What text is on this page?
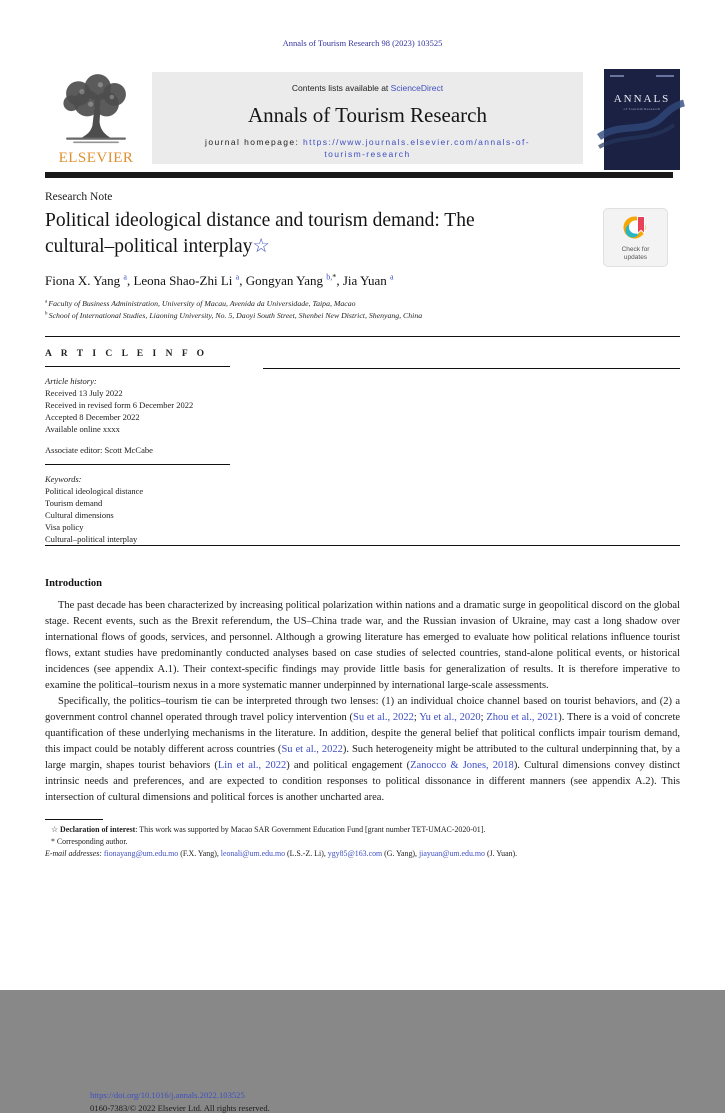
Annals of Tourism Research 98 (2023) 103525
ELSEVIER
Contents lists available at ScienceDirect
Annals of Tourism Research
journal homepage: https://www.journals.elsevier.com/annals-of-
tourism-research
ANNALS
of Tourism Research
Research Note
Political ideological distance and tourism demand: The
cultural–political interplay☆	Check for
updates
Fiona X. Yang $^a$, Leona Shao-Zhi Li $^a$, Gongyan Yang $^{b,*}$, Jia Yuan $^a$
$^a$ Faculty of Business Administration, University of Macau, Avenida da Universidade, Taipa, Macao
$^b$ School of International Studies, Liaoning University, No. 5, Daoyi South Street, Shenbei New District, Shenyang, China
A R T I C L E I N F O
Article history:
Received 13 July 2022
Received in revised form 6 December 2022
Accepted 8 December 2022
Available online xxxx
Associate editor: Scott McCabe
Keywords:
Political ideological distance
Tourism demand
Cultural dimensions
Visa policy
Cultural–political interplay
Introduction

The past decade has been characterized by increasing political polarization within nations and a dramatic surge in geopolitical discord on the global stage. Recent events, such as the Brexit referendum, the US–China trade war, and the Russian invasion of Ukraine, may cast a long shadow over international flows of goods, services, and personnel. Although a growing literature has emerged to evaluate how political relations influence tourist flows, extant studies have predominantly conducted analyses based on case studies of selected countries, stand-alone political events, or historical incidences (see appendix A.1). Their context-specific findings may provide little basis for generalization of results. It is therefore imperative to examine the political–tourism nexus in a more systematic manner underpinned by international large-scale assessments.

Specifically, the politics–tourism tie can be interpreted through two lenses: (1) an individual choice channel based on tourist behaviors, and (2) a government control channel operated through travel policy intervention (Su et al., 2022; Yu et al., 2020; Zhou et al., 2021). There is a void of concrete quantification of these underlying mechanisms in the literature. In addition, despite the general belief that political conflicts impair tourism demand, this impact could be notably different across countries (Su et al., 2022). Such heterogeneity might be attributed to the cultural underpinning that, by a large margin, shapes tourist behaviors (Lin et al., 2022) and political engagement (Zanocco & Jones, 2018). Cultural dimensions convey distinct intrinsic needs and preferences, and are expected to condition responses to political dissonance in different manners (see appendix A.2). This intersection of cultural dimensions and political forces is another uncharted area.

☆ Declaration of interest: This work was supported by Macao SAR Government Education Fund [grant number TET-UMAC-2020-01].
* Corresponding author.
E-mail addresses: fionayang@um.edu.mo (F.X. Yang), leonali@um.edu.mo (L.S.-Z. Li), ygy85@163.com (G. Yang), jiayuan@um.edu.mo (J. Yuan).
https://doi.org/10.1016/j.annals.2022.103525
0160-7383/© 2022 Elsevier Ltd. All rights reserved.
